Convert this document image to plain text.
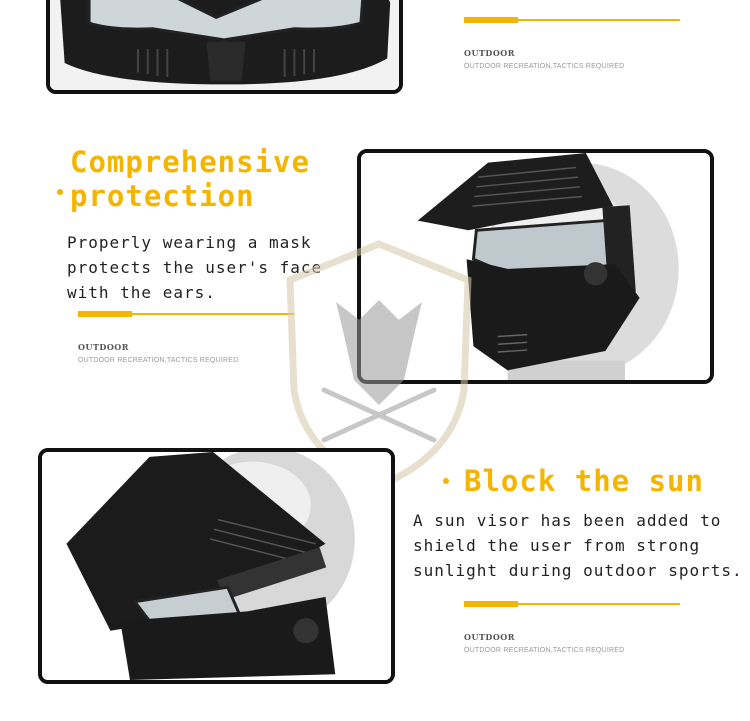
OUTDOOR
OUTDOOR RECREATION,TACTICS REQUIRED
Comprehensive
protection
Properly wearing a mask
protects the user's face
with the ears.
OUTDOOR
OUTDOOR RECREATION,TACTICS REQUIRED
Block the sun
A sun visor has been added to
shield the user from strong
sunlight during outdoor sports.
OUTDOOR
OUTDOOR RECREATION,TACTICS REQUIRED
